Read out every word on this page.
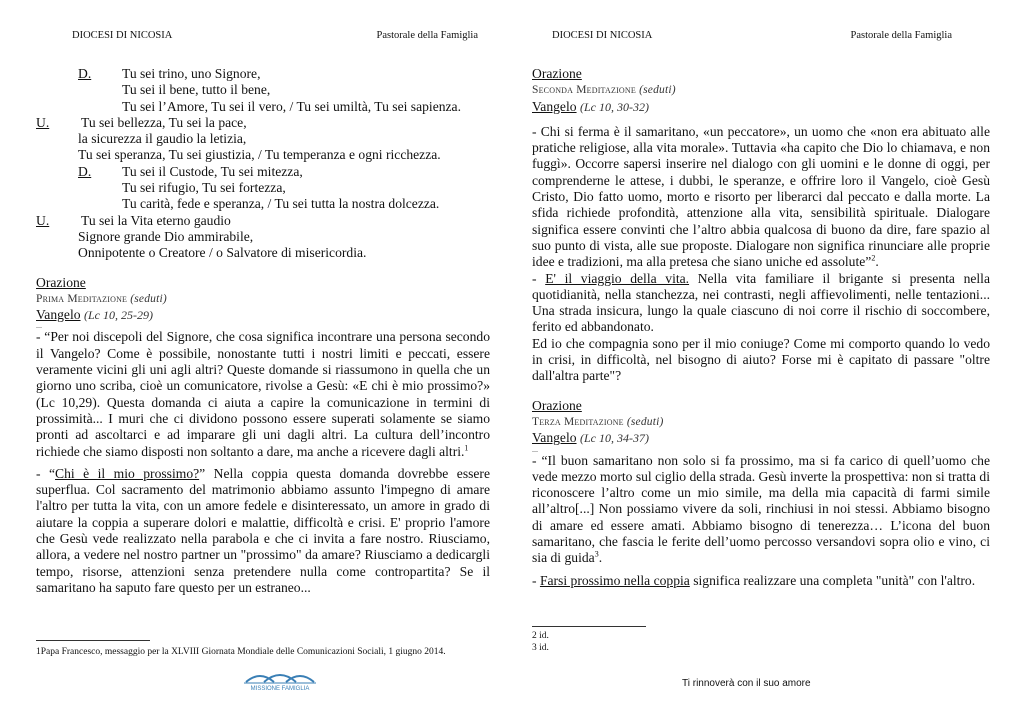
DIOCESI DI NICOSIA	Pastorale della Famiglia
D. Tu sei trino, uno Signore,
Tu sei il bene, tutto il bene,
Tu sei l’Amore, Tu sei il vero, / Tu sei umiltà, Tu sei sapienza.
U. Tu sei bellezza, Tu sei la pace,
la sicurezza il gaudio la letizia,
Tu sei speranza, Tu sei giustizia, / Tu temperanza e ogni ricchezza.
D. Tu sei il Custode, Tu sei mitezza,
Tu sei rifugio, Tu sei fortezza,
Tu carità, fede e speranza, / Tu sei tutta la nostra dolcezza.
U. Tu sei la Vita eterno gaudio
Signore grande Dio ammirabile,
Onnipotente o Creatore / o Salvatore di misericordia.
Orazione
Prima Meditazione (seduti)
Vangelo (Lc 10, 25-29)
...
- “Per noi discepoli del Signore, che cosa significa incontrare una persona secondo il Vangelo? Come è possibile, nonostante tutti i nostri limiti e peccati, essere veramente vicini gli uni agli altri? Queste domande si riassumono in quella che un giorno uno scriba, cioè un comunicatore, rivolse a Gesù: «E chi è mio prossimo?» (Lc 10,29). Questa domanda ci aiuta a capire la comunicazione in termini di prossimità... I muri che ci dividono possono essere superati solamente se siamo pronti ad ascoltarci e ad imparare gli uni dagli altri. La cultura dell’incontro richiede che siamo disposti non soltanto a dare, ma anche a ricevere dagli altri.$^1$
- “Chi è il mio prossimo?” Nella coppia questa domanda dovrebbe essere superflua. Col sacramento del matrimonio abbiamo assunto l'impegno di amare l'altro per tutta la vita, con un amore fedele e disinteressato, un amore in grado di aiutare la coppia a superare dolori e malattie, difficoltà e crisi. E' proprio l'amore che Gesù vede realizzato nella parabola e che ci invita a fare nostro. Riusciamo, allora, a vedere nel nostro partner un "prossimo" da amare? Riusciamo a dedicargli tempo, risorse, attenzioni senza pretendere nulla come contropartita? Se il samaritano ha saputo fare questo per un estraneo...
1Papa Francesco, messaggio per la XLVIII Giornata Mondiale delle Comunicazioni Sociali, 1 giugno 2014.
MISSIONE FAMIGLIA
DIOCESI DI NICOSIA	Pastorale della Famiglia
Orazione
Seconda Meditazione (seduti)
Vangelo (Lc 10, 30-32)
- Chi si ferma è il samaritano, «un peccatore», un uomo che «non era abituato alle pratiche religiose, alla vita morale». Tuttavia «ha capito che Dio lo chiamava, e non fuggì». Occorre sapersi inserire nel dialogo con gli uomini e le donne di oggi, per comprenderne le attese, i dubbi, le speranze, e offrire loro il Vangelo, cioè Gesù Cristo, Dio fatto uomo, morto e risorto per liberarci dal peccato e dalla morte. La sfida richiede profondità, attenzione alla vita, sensibilità spirituale. Dialogare significa essere convinti che l’altro abbia qualcosa di buono da dire, fare spazio al suo punto di vista, alle sue proposte. Dialogare non significa rinunciare alle proprie idee e tradizioni, ma alla pretesa che siano uniche ed assolute”$^2$.
- E' il viaggio della vita. Nella vita familiare il brigante si presenta nella quotidianità, nella stanchezza, nei contrasti, negli affievolimenti, nelle tentazioni... Una strada insicura, lungo la quale ciascuno di noi corre il rischio di soccombere, ferito ed abbandonato.
Ed io che compagnia sono per il mio coniuge? Come mi comporto quando lo vedo in crisi, in difficoltà, nel bisogno di aiuto? Forse mi è capitato di passare "oltre dall'altra parte"?
Orazione
Terza Meditazione (seduti)
Vangelo (Lc 10, 34-37)
...
- “Il buon samaritano non solo si fa prossimo, ma si fa carico di quell’uomo che vede mezzo morto sul ciglio della strada. Gesù inverte la prospettiva: non si tratta di riconoscere l’altro come un mio simile, ma della mia capacità di farmi simile all’altro[...] Non possiamo vivere da soli, rinchiusi in noi stessi. Abbiamo bisogno di amare ed essere amati. Abbiamo bisogno di tenerezza… L’icona del buon samaritano, che fascia le ferite dell’uomo percosso versandovi sopra olio e vino, ci sia di guida$^3$.
- Farsi prossimo nella coppia significa realizzare una completa "unità" con l'altro.
2 id.
3 id.
Ti rinnoverà con il suo amore
